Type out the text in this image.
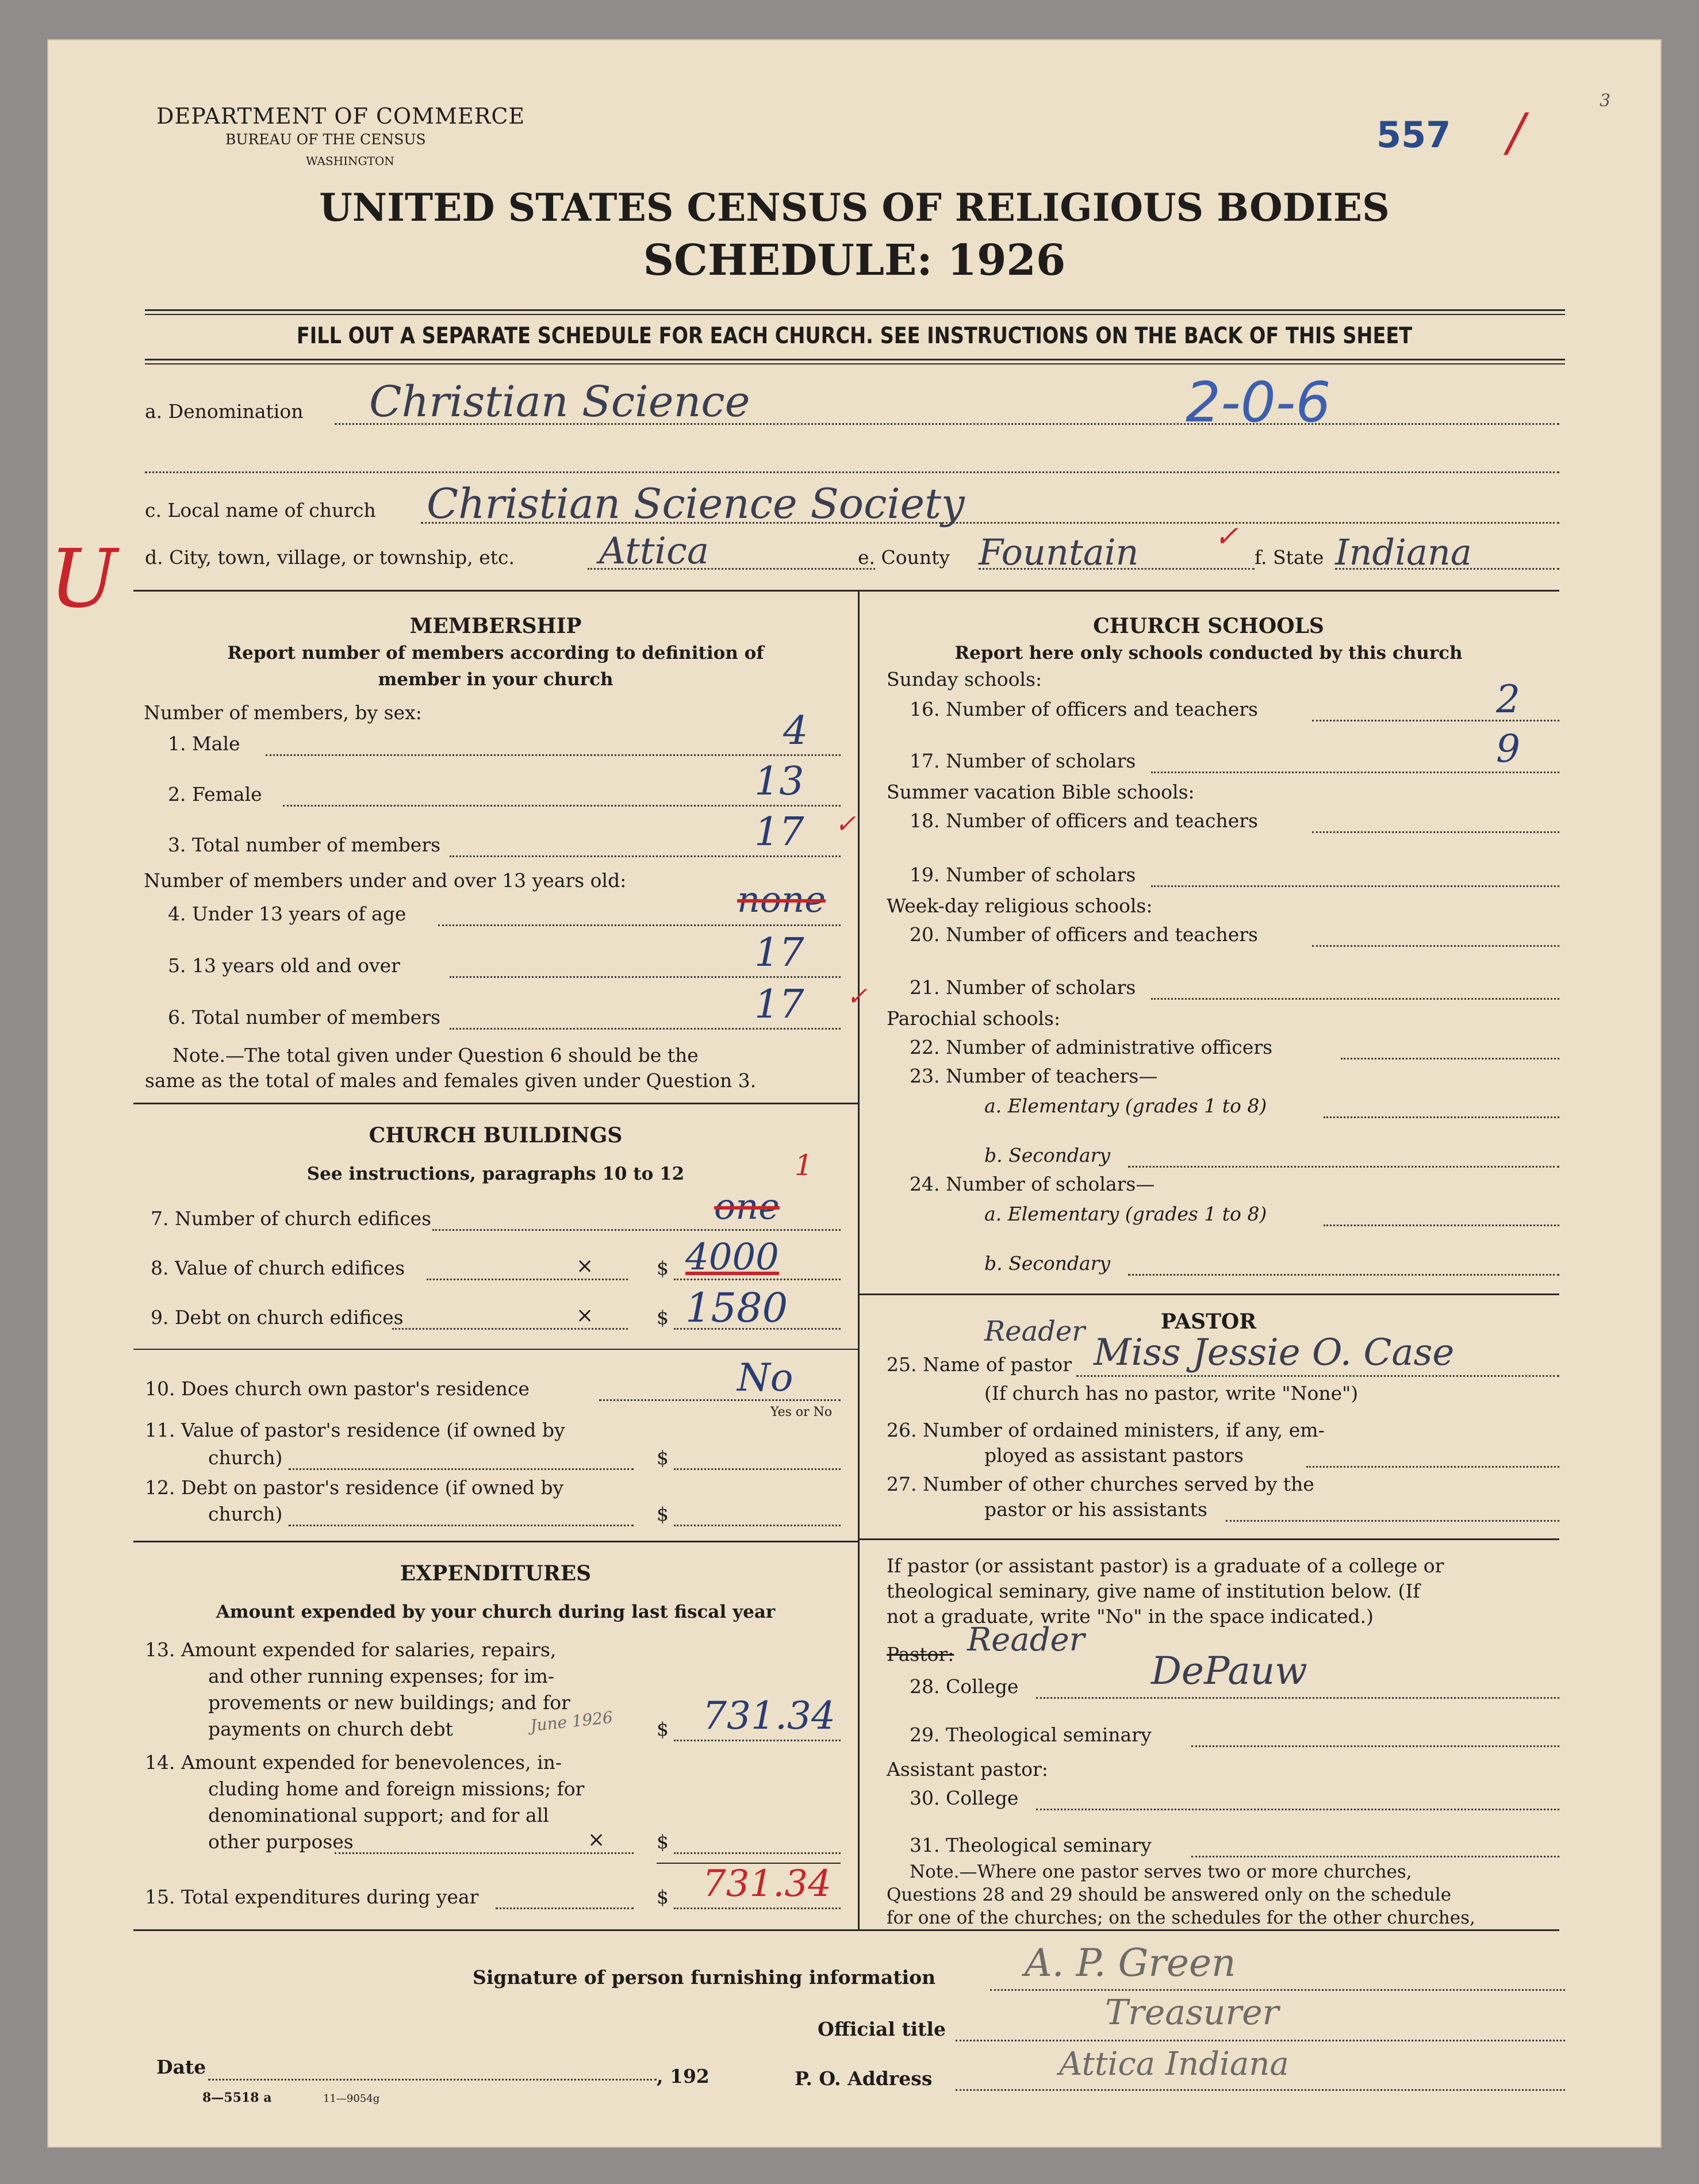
DEPARTMENT OF COMMERCE
BUREAU OF THE CENSUS
WASHINGTON
557 /
3
UNITED STATES CENSUS OF RELIGIOUS BODIES
SCHEDULE: 1926
FILL OUT A SEPARATE SCHEDULE FOR EACH CHURCH. SEE INSTRUCTIONS ON THE BACK OF THIS SHEET
a. Denomination Christian Science	2-0-6
c. Local name of church Christian Science Society
U d. City, town, village, or township, etc. Attica	e. County Fountain	✓
f. State Indiana
MEMBERSHIP
Report number of members according to definition of
member in your church
Number of members, by sex:
1. Male	4
2. Female	13
3. Total number of members	17 ✓
Number of members under and over 13 years old:
4. Under 13 years of age	none
5. 13 years old and over	17
6. Total number of members	17 ✓
Note.—The total given under Question 6 should be the
same as the total of males and females given under Question 3.
CHURCH BUILDINGS
See instructions, paragraphs 10 to 12	1
7. Number of church edifices	one
8. Value of church edifices	×	$ 4000
9. Debt on church edifices	×	$ 1580
10. Does church own pastor's residence	No
Yes or No
11. Value of pastor's residence (if owned by
church)	$
12. Debt on pastor's residence (if owned by
church)	$
EXPENDITURES
Amount expended by your church during last fiscal year
13. Amount expended for salaries, repairs,
and other running expenses; for im-
provements or new buildings; and for
payments on church debt	June 1926 $ 731.34
14. Amount expended for benevolences, in-
cluding home and foreign missions; for
denominational support; and for all
other purposes	×	$
15. Total expenditures during year	$ 731.34
CHURCH SCHOOLS
Report here only schools conducted by this church
Sunday schools:
16. Number of officers and teachers	2
17. Number of scholars	9
Summer vacation Bible schools:
18. Number of officers and teachers
19. Number of scholars
Week-day religious schools:
20. Number of officers and teachers
21. Number of scholars
Parochial schools:
22. Number of administrative officers
23. Number of teachers—
a. Elementary (grades 1 to 8)
b. Secondary
24. Number of scholars—
a. Elementary (grades 1 to 8)
b. Secondary
PASTOR
25. Name of pastor
Reader Miss Jessie O. Case
(If church has no pastor, write "None")
26. Number of ordained ministers, if any, em-
ployed as assistant pastors
27. Number of other churches served by the
pastor or his assistants
If pastor (or assistant pastor) is a graduate of a college or
theological seminary, give name of institution below. (If
not a graduate, write "No" in the space indicated.)
Pastor: Reader
28. College	DePauw
29. Theological seminary
Assistant pastor:
30. College
31. Theological seminary
Note.—Where one pastor serves two or more churches,
Questions 28 and 29 should be answered only on the schedule
for one of the churches; on the schedules for the other churches,
Signature of person furnishing information A. P. Green
Official title	Treasurer
Date	, 192
8—5518 a	11—9054g
P. O. Address	Attica Indiana
